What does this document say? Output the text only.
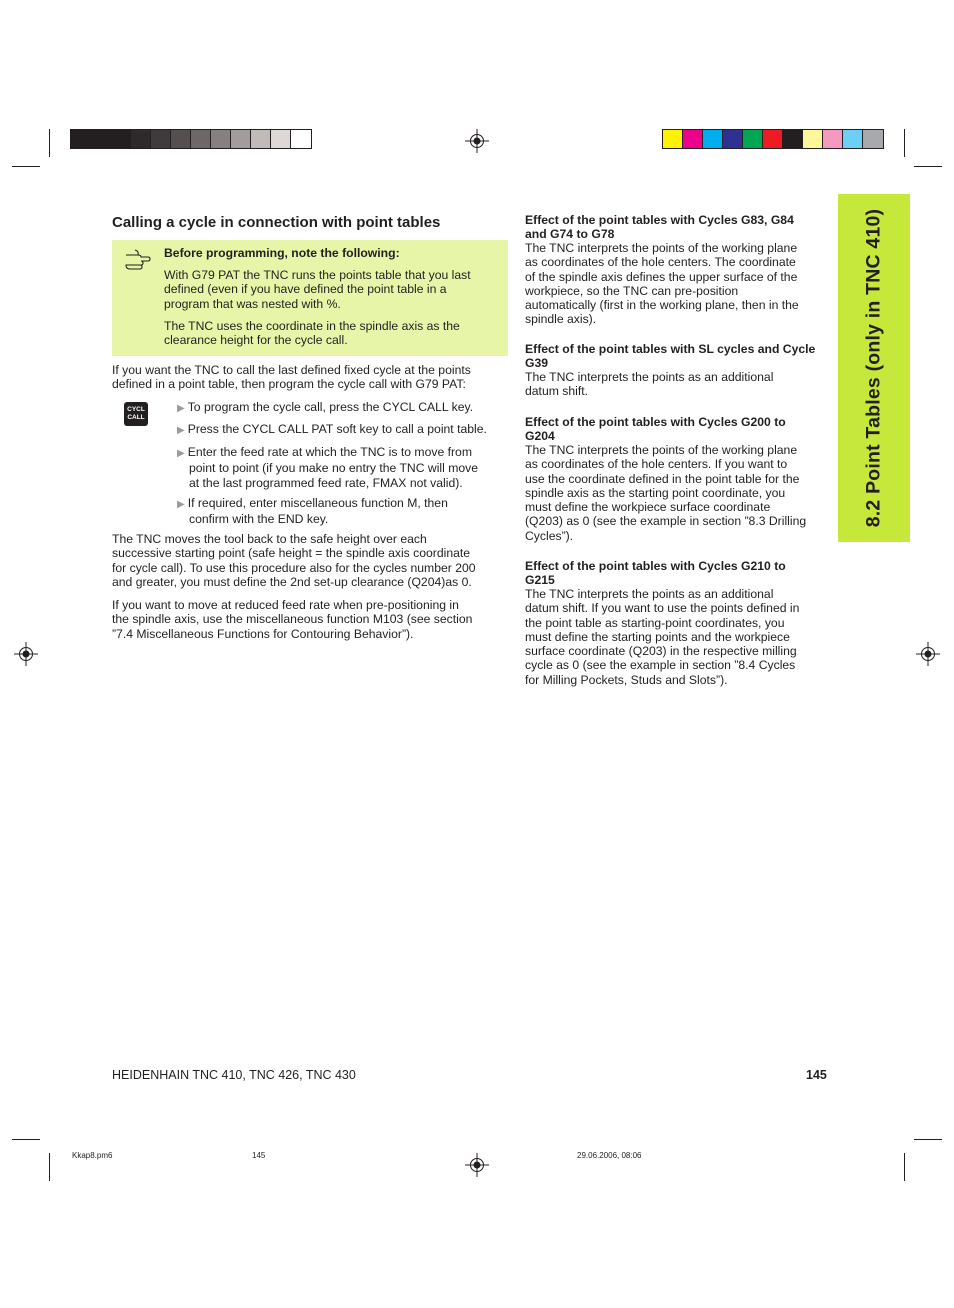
Calling a cycle in connection with point tables
Before programming, note the following:
With G79 PAT the TNC runs the points table that you last
defined (even if you have defined the point table in a
program that was nested with %.
The TNC uses the coordinate in the spindle axis as the
clearance height for the cycle call.
If you want the TNC to call the last defined fixed cycle at the points
defined in a point table, then program the cycle call with G79 PAT:
CYCL
CALL
▶ To program the cycle call, press the CYCL CALL key.
▶ Press the CYCL CALL PAT soft key to call a point table.
▶ Enter the feed rate at which the TNC is to move from
point to point (if you make no entry the TNC will move
at the last programmed feed rate, FMAX not valid).
▶ If required, enter miscellaneous function M, then
confirm with the END key.
The TNC moves the tool back to the safe height over each
successive starting point (safe height = the spindle axis coordinate
for cycle call). To use this procedure also for the cycles number 200
and greater, you must define the 2nd set-up clearance (Q204)as 0.
If you want to move at reduced feed rate when pre-positioning in
the spindle axis, use the miscellaneous function M103 (see section
”7.4 Miscellaneous Functions for Contouring Behavior”).
Effect of the point tables with Cycles G83, G84
and G74 to G78
The TNC interprets the points of the working plane
as coordinates of the hole centers. The coordinate
of the spindle axis defines the upper surface of the
workpiece, so the TNC can pre-position
automatically (first in the working plane, then in the
spindle axis).
Effect of the point tables with SL cycles and Cycle
G39
The TNC interprets the points as an additional
datum shift.
Effect of the point tables with Cycles G200 to
G204
The TNC interprets the points of the working plane
as coordinates of the hole centers. If you want to
use the coordinate defined in the point table for the
spindle axis as the starting point coordinate, you
must define the workpiece surface coordinate
(Q203) as 0 (see the example in section ”8.3 Drilling
Cycles”).
Effect of the point tables with Cycles G210 to
G215
The TNC interprets the points as an additional
datum shift. If you want to use the points defined in
the point table as starting-point coordinates, you
must define the starting points and the workpiece
surface coordinate (Q203) in the respective milling
cycle as 0 (see the example in section ”8.4 Cycles
for Milling Pockets, Studs and Slots”).
8.2 Point Tables (only in TNC 410)
HEIDENHAIN TNC 410, TNC 426, TNC 430	145
Kkap8.pm6	145	29.06.2006, 08:06
